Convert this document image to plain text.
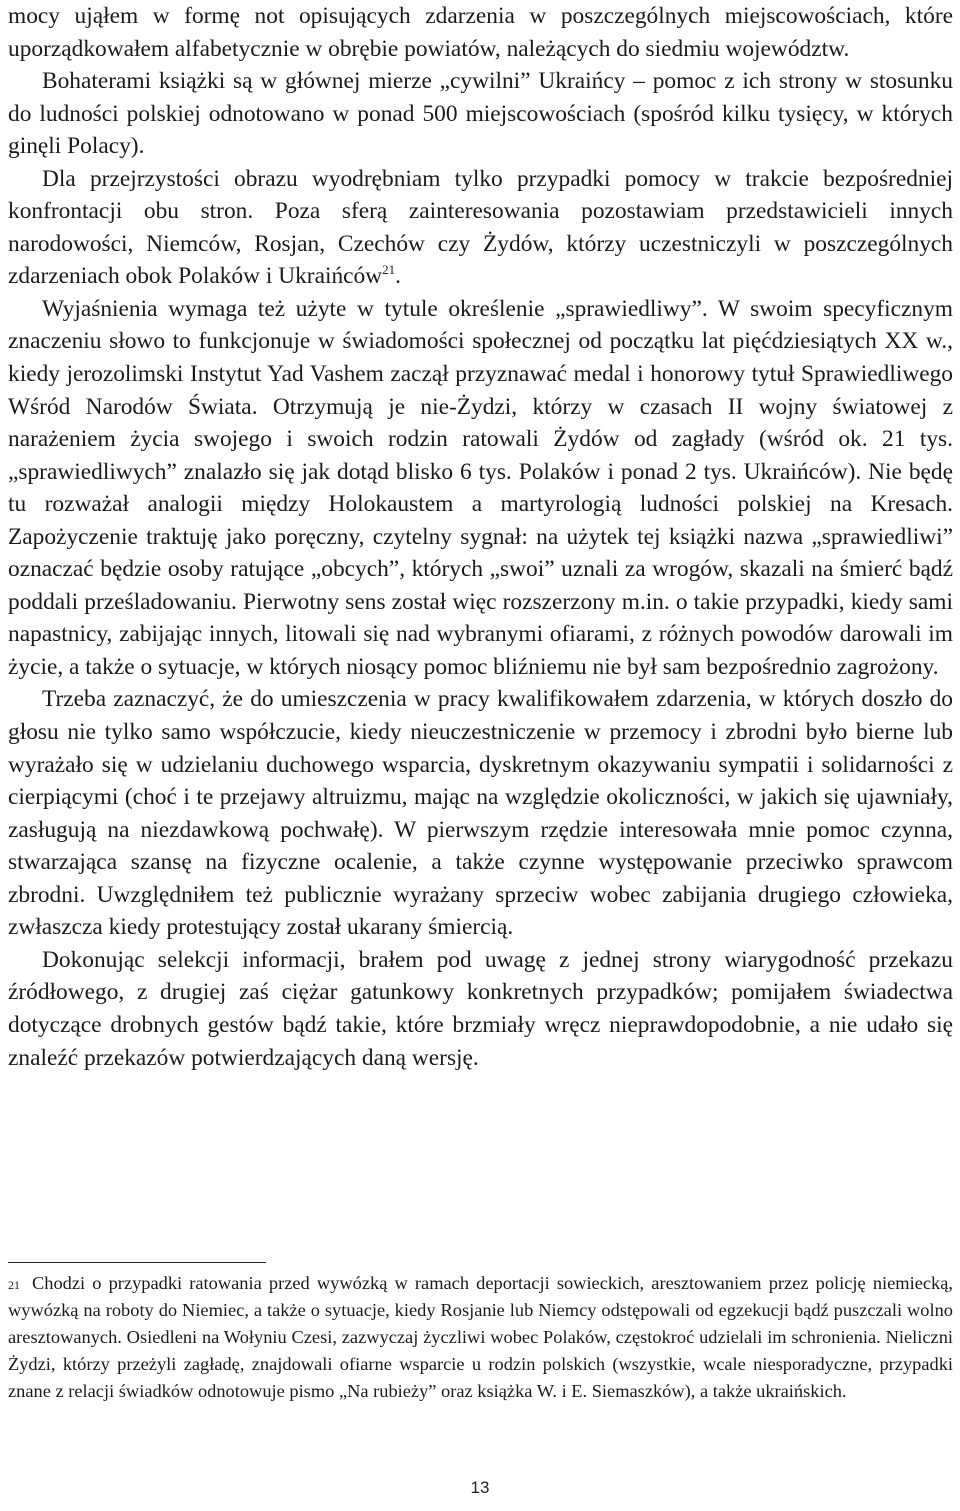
mocy ująłem w formę not opisujących zdarzenia w poszczególnych miejscowościach, które uporządkowałem alfabetycznie w obrębie powiatów, należących do siedmiu województw.

Bohaterami książki są w głównej mierze „cywilni” Ukraińcy – pomoc z ich strony w stosunku do ludności polskiej odnotowano w ponad 500 miejscowościach (spośród kilku tysięcy, w których ginęli Polacy).

Dla przejrzystości obrazu wyodrębniam tylko przypadki pomocy w trakcie bezpośredniej konfrontacji obu stron. Poza sferą zainteresowania pozostawiam przedstawicieli innych narodowości, Niemców, Rosjan, Czechów czy Żydów, którzy uczestniczyli w poszczególnych zdarzeniach obok Polaków i Ukraińców$^{21}$.

Wyjaśnienia wymaga też użyte w tytule określenie „sprawiedliwy”. W swoim specyficznym znaczeniu słowo to funkcjonuje w świadomości społecznej od początku lat pięćdziesiątych XX w., kiedy jerozolimski Instytut Yad Vashem zaczął przyznawać medal i honorowy tytuł Sprawiedliwego Wśród Narodów Świata. Otrzymują je nie-Żydzi, którzy w czasach II wojny światowej z narażeniem życia swojego i swoich rodzin ratowali Żydów od zagłady (wśród ok. 21 tys. „sprawiedliwych” znalazło się jak dotąd blisko 6 tys. Polaków i ponad 2 tys. Ukraińców). Nie będę tu rozważał analogii między Holokaustem a martyrologią ludności polskiej na Kresach. Zapożyczenie traktuję jako poręczny, czytelny sygnał: na użytek tej książki nazwa „sprawiedliwi” oznaczać będzie osoby ratujące „obcych”, których „swoi” uznali za wrogów, skazali na śmierć bądź poddali prześladowaniu. Pierwotny sens został więc rozszerzony m.in. o takie przypadki, kiedy sami napastnicy, zabijając innych, litowali się nad wybranymi ofiarami, z różnych powodów darowali im życie, a także o sytuacje, w których niosący pomoc bliźniemu nie był sam bezpośrednio zagrożony.

Trzeba zaznaczyć, że do umieszczenia w pracy kwalifikowałem zdarzenia, w których doszło do głosu nie tylko samo współczucie, kiedy nieuczestniczenie w przemocy i zbrodni było bierne lub wyrażało się w udzielaniu duchowego wsparcia, dyskretnym okazywaniu sympatii i solidarności z cierpiącymi (choć i te przejawy altruizmu, mając na względzie okoliczności, w jakich się ujawniały, zasługują na niezdawkową pochwałę). W pierwszym rzędzie interesowała mnie pomoc czynna, stwarzająca szansę na fizyczne ocalenie, a także czynne występowanie przeciwko sprawcom zbrodni. Uwzględniłem też publicznie wyrażany sprzeciw wobec zabijania drugiego człowieka, zwłaszcza kiedy protestujący został ukarany śmiercią.

Dokonując selekcji informacji, brałem pod uwagę z jednej strony wiarygodność przekazu źródłowego, z drugiej zaś ciężar gatunkowy konkretnych przypadków; pomijałem świadectwa dotyczące drobnych gestów bądź takie, które brzmiały wręcz nieprawdopodobnie, a nie udało się znaleźć przekazów potwierdzających daną wersję.

$^{21}$ Chodzi o przypadki ratowania przed wywózką w ramach deportacji sowieckich, aresztowaniem przez policję niemiecką, wywózką na roboty do Niemiec, a także o sytuacje, kiedy Rosjanie lub Niemcy odstępowali od egzekucji bądź puszczali wolno aresztowanych. Osiedleni na Wołyniu Czesi, zazwyczaj życzliwi wobec Polaków, częstokroć udzielali im schronienia. Nieliczni Żydzi, którzy przeżyli zagładę, znajdowali ofiarne wsparcie u rodzin polskich (wszystkie, wcale niesporadyczne, przypadki znane z relacji świadków odnotowuje pismo „Na rubieży” oraz książka W. i E. Siemaszków), a także ukraińskich.
13
